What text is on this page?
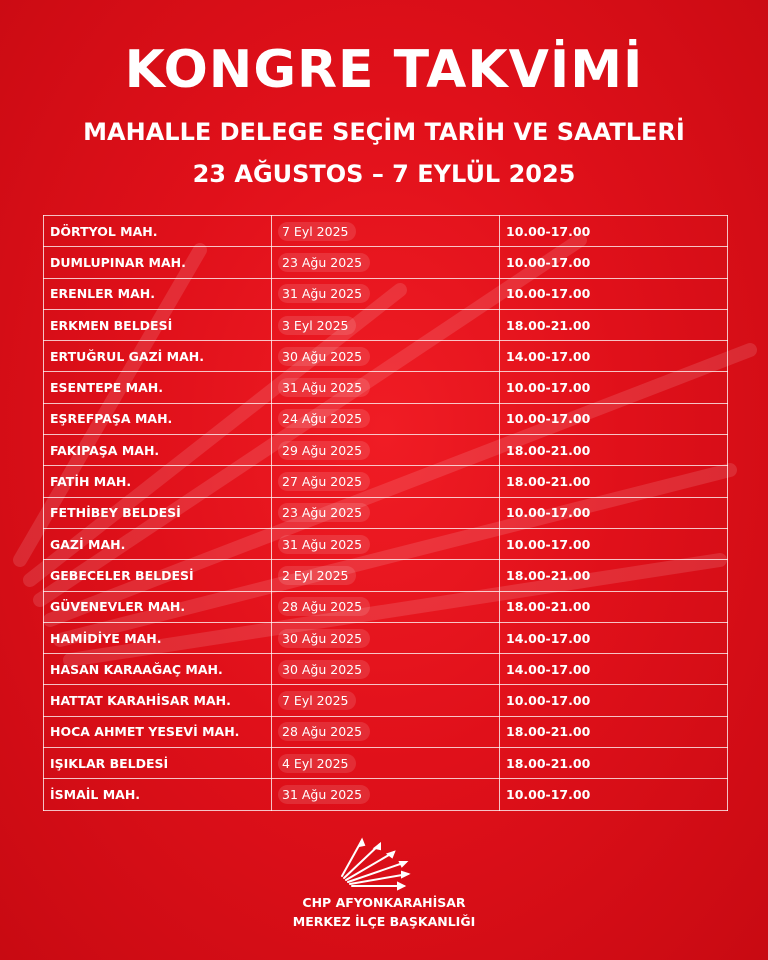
KONGRE TAKVİMİ
MAHALLE DELEGE SEÇİM TARİH VE SAATLERİ
23 AĞUSTOS – 7 EYLÜL 2025
DÖRTYOL MAH.	7 Eyl 2025	10.00-17.00
DUMLUPINAR MAH.	23 Ağu 2025	10.00-17.00
ERENLER MAH.	31 Ağu 2025	10.00-17.00
ERKMEN BELDESİ	3 Eyl 2025	18.00-21.00
ERTUĞRUL GAZİ MAH.	30 Ağu 2025	14.00-17.00
ESENTEPE MAH.	31 Ağu 2025	10.00-17.00
EŞREFPAŞA MAH.	24 Ağu 2025	10.00-17.00
FAKIPAŞA MAH.	29 Ağu 2025	18.00-21.00
FATİH MAH.	27 Ağu 2025	18.00-21.00
FETHİBEY BELDESİ	23 Ağu 2025	10.00-17.00
GAZİ MAH.	31 Ağu 2025	10.00-17.00
GEBECELER BELDESİ	2 Eyl 2025	18.00-21.00
GÜVENEVLER MAH.	28 Ağu 2025	18.00-21.00
HAMİDİYE MAH.	30 Ağu 2025	14.00-17.00
HASAN KARAAĞAÇ MAH.	30 Ağu 2025	14.00-17.00
HATTAT KARAHİSAR MAH.	7 Eyl 2025	10.00-17.00
HOCA AHMET YESEVİ MAH.	28 Ağu 2025	18.00-21.00
IŞIKLAR BELDESİ	4 Eyl 2025	18.00-21.00
İSMAİL MAH.	31 Ağu 2025	10.00-17.00
CHP AFYONKARAHİSAR
MERKEZ İLÇE BAŞKANLIĞI
